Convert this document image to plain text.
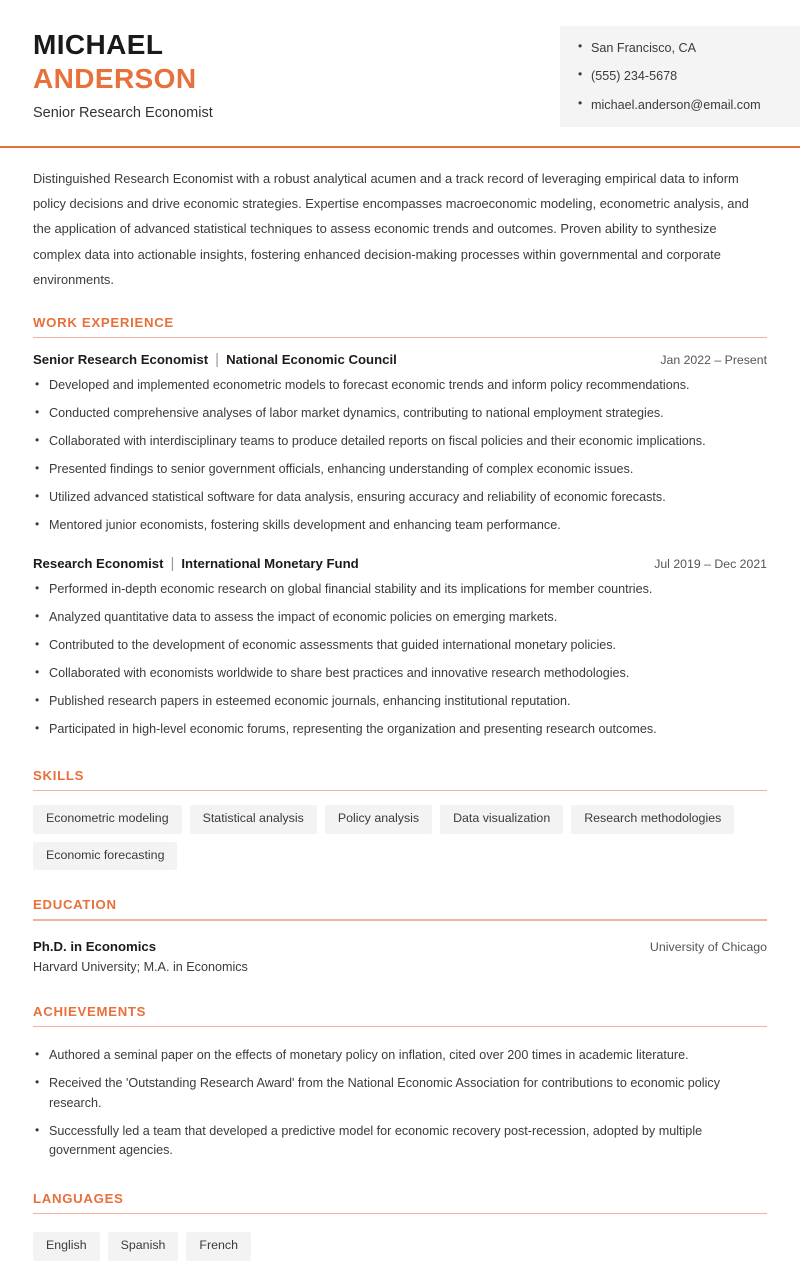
MICHAEL
ANDERSON
Senior Research Economist
• San Francisco, CA
• (555) 234-5678
• michael.anderson@email.com

Distinguished Research Economist with a robust analytical acumen and a track record of leveraging empirical data to inform policy decisions and drive economic strategies. Expertise encompasses macroeconomic modeling, econometric analysis, and the application of advanced statistical techniques to assess economic trends and outcomes. Proven ability to synthesize complex data into actionable insights, fostering enhanced decision-making processes within governmental and corporate environments.

WORK EXPERIENCE
Senior Research Economist | National Economic Council	Jan 2022 – Present
• Developed and implemented econometric models to forecast economic trends and inform policy recommendations.
• Conducted comprehensive analyses of labor market dynamics, contributing to national employment strategies.
• Collaborated with interdisciplinary teams to produce detailed reports on fiscal policies and their economic implications.
• Presented findings to senior government officials, enhancing understanding of complex economic issues.
• Utilized advanced statistical software for data analysis, ensuring accuracy and reliability of economic forecasts.
• Mentored junior economists, fostering skills development and enhancing team performance.
Research Economist | International Monetary Fund	Jul 2019 – Dec 2021
• Performed in-depth economic research on global financial stability and its implications for member countries.
• Analyzed quantitative data to assess the impact of economic policies on emerging markets.
• Contributed to the development of economic assessments that guided international monetary policies.
• Collaborated with economists worldwide to share best practices and innovative research methodologies.
• Published research papers in esteemed economic journals, enhancing institutional reputation.
• Participated in high-level economic forums, representing the organization and presenting research outcomes.
SKILLS
Econometric modeling	Statistical analysis	Policy analysis	Data visualization	Research methodologies
Economic forecasting
EDUCATION
Ph.D. in Economics	University of Chicago
Harvard University; M.A. in Economics
ACHIEVEMENTS
• Authored a seminal paper on the effects of monetary policy on inflation, cited over 200 times in academic literature.
• Received the 'Outstanding Research Award' from the National Economic Association for contributions to economic policy research.
• Successfully led a team that developed a predictive model for economic recovery post-recession, adopted by multiple government agencies.
LANGUAGES
English	Spanish	French
